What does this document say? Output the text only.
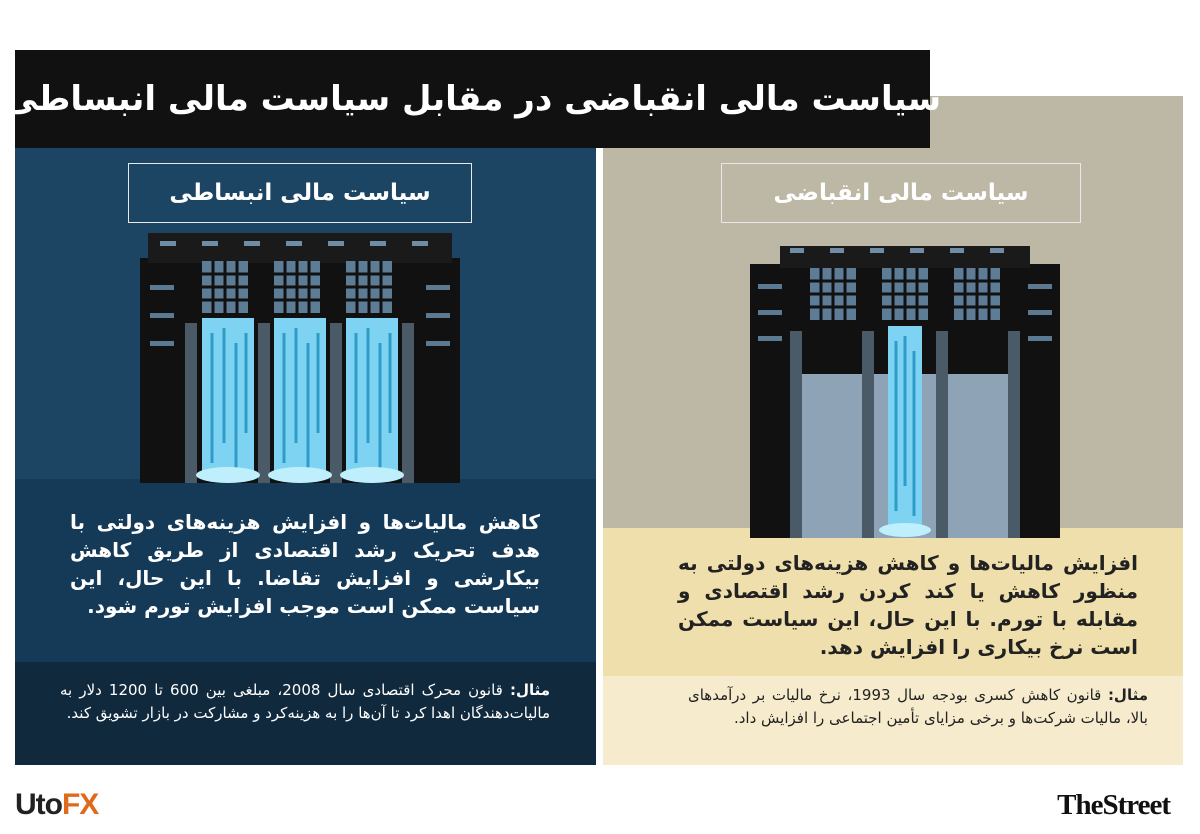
سیاست مالی انبساطی
کاهش مالیات‌ها و افزایش هزینه‌های دولتی با هدف تحریک رشد اقتصادی از طریق کاهش بیکارشی و افزایش تقاضا. با این حال، این سیاست ممکن است موجب افزایش تورم شود.
مثال: قانون محرک اقتصادی سال 2008، مبلغی بین 600 تا 1200 دلار به مالیات‌دهندگان اهدا کرد تا آن‌ها را به هزینه‌کرد و مشارکت در بازار تشویق کند.
سیاست مالی انقباضی
افزایش مالیات‌ها و کاهش هزینه‌های دولتی به منظور کاهش یا کند کردن رشد اقتصادی و مقابله با تورم. با این حال، این سیاست ممکن است نرخ بیکاری را افزایش دهد.
مثال: قانون کاهش کسری بودجه سال 1993، نرخ مالیات بر درآمدهای بالا، مالیات شرکت‌ها و برخی مزایای تأمین اجتماعی را افزایش داد.
سیاست مالی انقباضی در مقابل سیاست مالی انبساطی
Uto FX	TheStreet
